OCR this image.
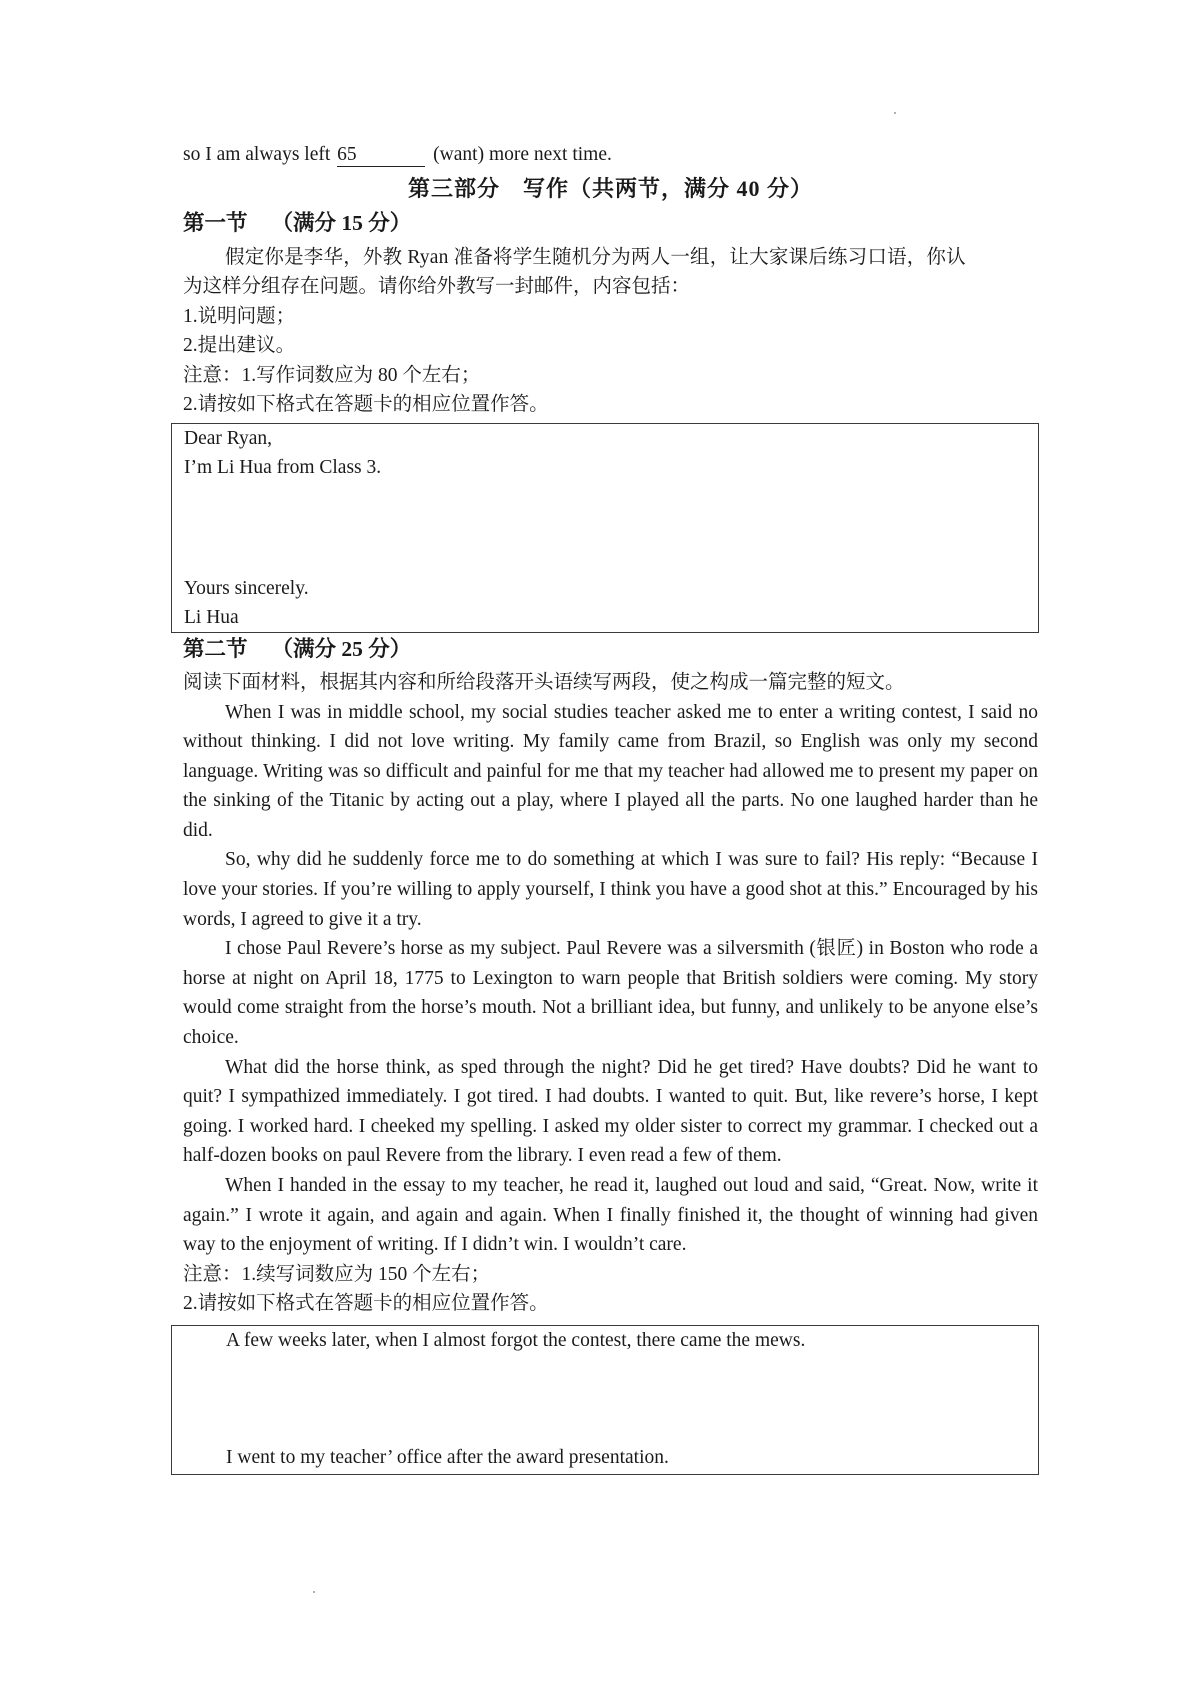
so I am always left 65	(want) more next time.

第三部分　写作（共两节，满分 40 分）
第一节 （满分 15 分）

假定你是李华，外教 Ryan 准备将学生随机分为两人一组，让大家课后练习口语，你认

为这样分组存在问题。请你给外教写一封邮件，内容包括：

1.说明问题；

2.提出建议。

注意：1.写作词数应为 80 个左右；

2.请按如下格式在答题卡的相应位置作答。

Dear Ryan,

I’m Li Hua from Class 3.

Yours sincerely.

Li Hua

第二节 （满分 25 分）

阅读下面材料，根据其内容和所给段落开头语续写两段，使之构成一篇完整的短文。

When I was in middle school, my social studies teacher asked me to enter a writing contest, I said no without thinking. I did not love writing. My family came from Brazil, so English was only my second language. Writing was so difficult and painful for me that my teacher had allowed me to present my paper on the sinking of the Titanic by acting out a play, where I played all the parts. No one laughed harder than he did.

So, why did he suddenly force me to do something at which I was sure to fail? His reply: “Because I love your stories. If you’re willing to apply yourself, I think you have a good shot at this.” Encouraged by his words, I agreed to give it a try.

I chose Paul Revere’s horse as my subject. Paul Revere was a silversmith (银匠) in Boston who rode a horse at night on April 18, 1775 to Lexington to warn people that British soldiers were coming. My story would come straight from the horse’s mouth. Not a brilliant idea, but funny, and unlikely to be anyone else’s choice.

What did the horse think, as sped through the night? Did he get tired? Have doubts? Did he want to quit? I sympathized immediately. I got tired. I had doubts. I wanted to quit. But, like revere’s horse, I kept going. I worked hard. I cheeked my spelling. I asked my older sister to correct my grammar. I checked out a half-dozen books on paul Revere from the library. I even read a few of them.

When I handed in the essay to my teacher, he read it, laughed out loud and said, “Great. Now, write it again.” I wrote it again, and again and again. When I finally finished it, the thought of winning had given way to the enjoyment of writing. If I didn’t win. I wouldn’t care.

注意：1.续写词数应为 150 个左右；

2.请按如下格式在答题卡的相应位置作答。

A few weeks later, when I almost forgot the contest, there came the mews.

I went to my teacher’ office after the award presentation.
